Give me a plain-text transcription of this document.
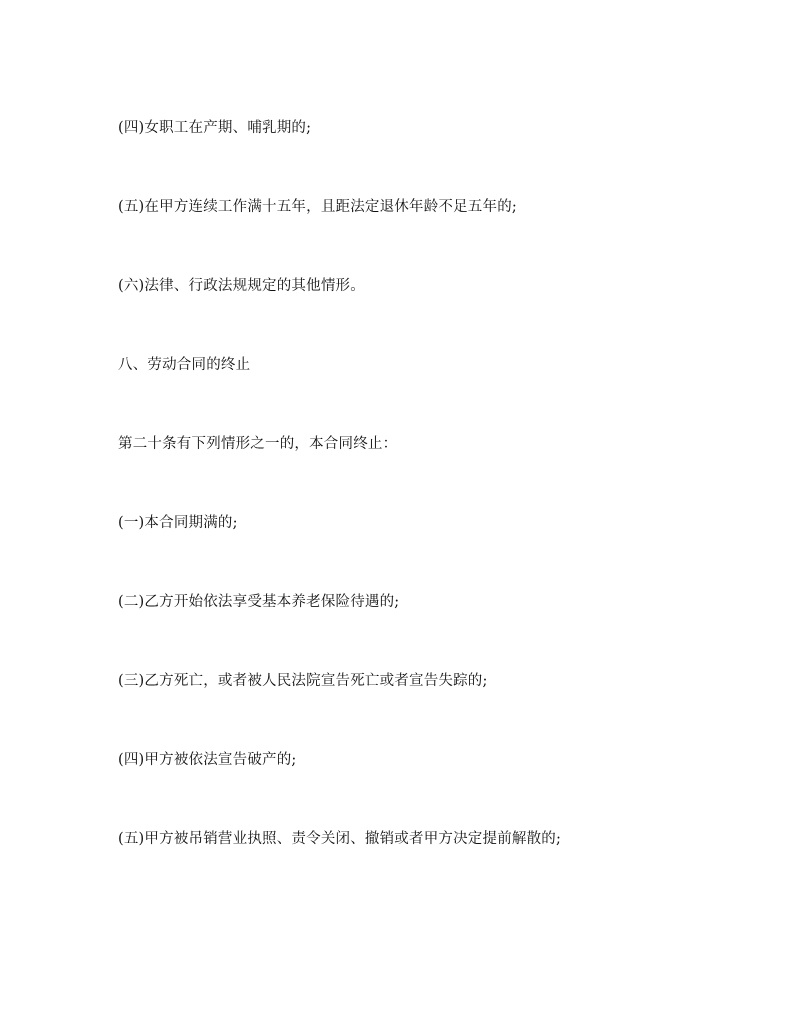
(四)女职工在产期、哺乳期的;

(五)在甲方连续工作满十五年，且距法定退休年龄不足五年的;

(六)法律、行政法规规定的其他情形。

八、劳动合同的终止

第二十条有下列情形之一的，本合同终止：

(一)本合同期满的;

(二)乙方开始依法享受基本养老保险待遇的;

(三)乙方死亡，或者被人民法院宣告死亡或者宣告失踪的;

(四)甲方被依法宣告破产的;

(五)甲方被吊销营业执照、责令关闭、撤销或者甲方决定提前解散的;
